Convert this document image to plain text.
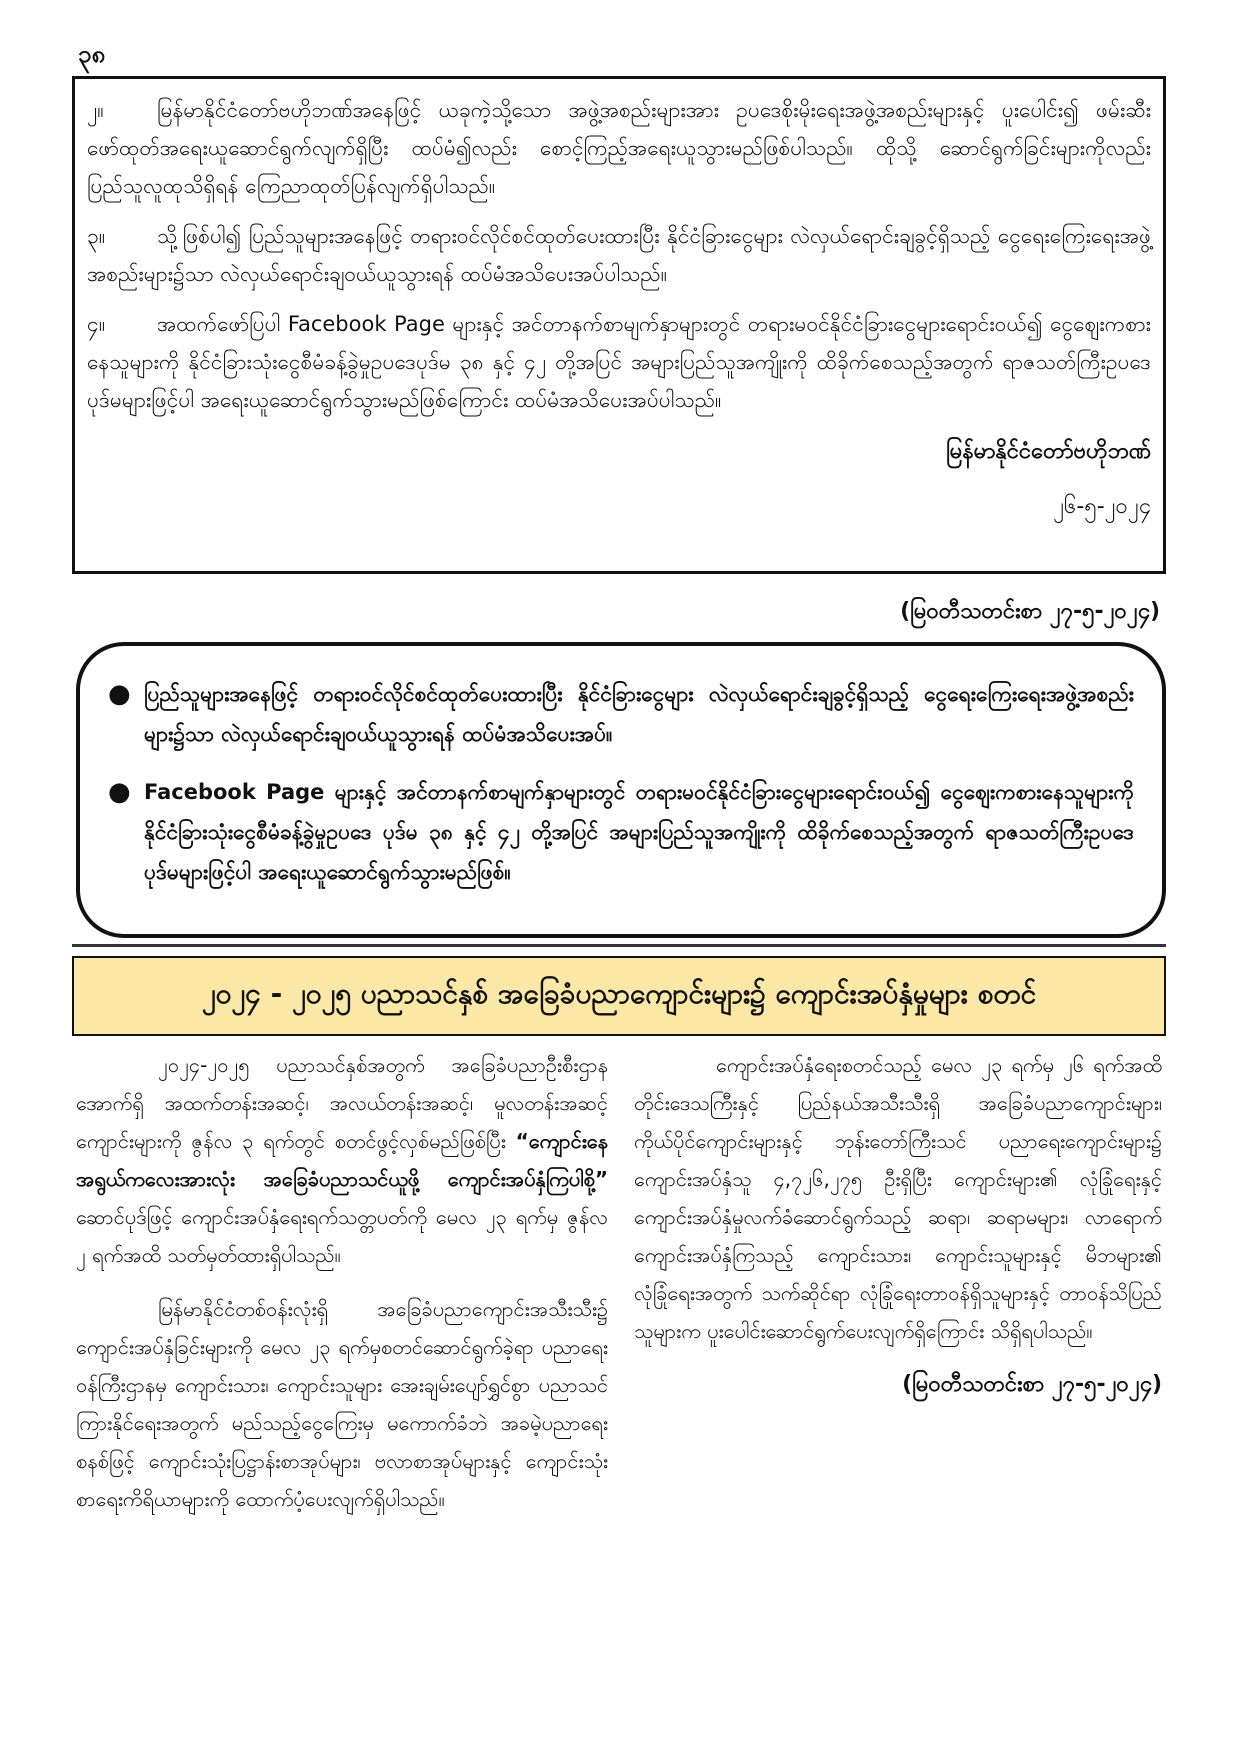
၃၈

၂။	မြန်မာနိုင်ငံတော်ဗဟိုဘဏ်အနေဖြင့် ယခုကဲ့သို့သော အဖွဲ့အစည်းများအား ဥပဒေစိုးမိုးရေးအဖွဲ့အစည်းများနှင့် ပူးပေါင်း၍ ဖမ်းဆီးဖော်ထုတ်အရေးယူဆောင်ရွက်လျက်ရှိပြီး ထပ်မံ၍လည်း စောင့်ကြည့်အရေးယူသွားမည်ဖြစ်ပါသည်။ ထိုသို့ ဆောင်ရွက်ခြင်းများကိုလည်း ပြည်သူလူထုသိရှိရန် ကြေညာထုတ်ပြန်လျက်ရှိပါသည်။

၃။ သို့ဖြစ်ပါ၍ ပြည်သူများအနေဖြင့် တရားဝင်လိုင်စင်ထုတ်ပေးထားပြီး နိုင်ငံခြားငွေများ လဲလှယ်ရောင်းချခွင့်ရှိသည့် ငွေရေးကြေးရေးအဖွဲ့အစည်းများ၌သာ လဲလှယ်ရောင်းချဝယ်ယူသွားရန် ထပ်မံအသိပေးအပ်ပါသည်။

၄။ အထက်ဖော်ပြပါ Facebook Page များနှင့် အင်တာနက်စာမျက်နှာများတွင် တရားမဝင်နိုင်ငံခြားငွေများရောင်းဝယ်၍ ငွေဈေးကစားနေသူများကို နိုင်ငံခြားသုံးငွေစီမံခန့်ခွဲမှုဥပဒေပုဒ်မ ၃၈ နှင့် ၄၂ တို့အပြင် အများပြည်သူအကျိုးကို ထိခိုက်စေသည့်အတွက် ရာဇသတ်ကြီးဥပဒေပုဒ်မများဖြင့်ပါ အရေးယူဆောင်ရွက်သွားမည်ဖြစ်ကြောင်း ထပ်မံအသိပေးအပ်ပါသည်။

မြန်မာနိုင်ငံတော်ဗဟိုဘဏ်
၂၆-၅-၂၀၂၄
(မြဝတီသတင်းစာ ၂၇-၅-၂၀၂၄)
● ပြည်သူများအနေဖြင့် တရားဝင်လိုင်စင်ထုတ်ပေးထားပြီး နိုင်ငံခြားငွေများ လဲလှယ်ရောင်းချခွင့်ရှိသည့် ငွေရေးကြေးရေးအဖွဲ့အစည်းများ၌သာ လဲလှယ်ရောင်းချဝယ်ယူသွားရန် ထပ်မံအသိပေးအပ်။
● Facebook Page များနှင့် အင်တာနက်စာမျက်နှာများတွင် တရားမဝင်နိုင်ငံခြားငွေများရောင်းဝယ်၍ ငွေဈေးကစားနေသူများကို နိုင်ငံခြားသုံးငွေစီမံခန့်ခွဲမှုဥပဒေ ပုဒ်မ ၃၈ နှင့် ၄၂ တို့အပြင် အများပြည်သူအကျိုးကို ထိခိုက်စေသည့်အတွက် ရာဇသတ်ကြီးဥပဒေပုဒ်မများဖြင့်ပါ အရေးယူဆောင်ရွက်သွားမည်ဖြစ်။
၂၀၂၄ - ၂၀၂၅ ပညာသင်နှစ် အခြေခံပညာကျောင်းများ၌ ကျောင်းအပ်နှံမှုများ စတင်

၂၀၂၄-၂၀၂၅ ပညာသင်နှစ်အတွက် အခြေခံပညာဦးစီးဌာနအောက်ရှိ အထက်တန်းအဆင့်၊ အလယ်တန်းအဆင့်၊ မူလတန်းအဆင့်ကျောင်းများကို ဇွန်လ ၃ ရက်တွင် စတင်ဖွင့်လှစ်မည်ဖြစ်ပြီး “ကျောင်းနေအရွယ်ကလေးအားလုံး အခြေခံပညာသင်ယူဖို့ ကျောင်းအပ်နှံကြပါစို့” ဆောင်ပုဒ်ဖြင့် ကျောင်းအပ်နှံရေးရက်သတ္တပတ်ကို မေလ ၂၃ ရက်မှ ဇွန်လ ၂ ရက်အထိ သတ်မှတ်ထားရှိပါသည်။

မြန်မာနိုင်ငံတစ်ဝန်းလုံးရှိ အခြေခံပညာကျောင်းအသီးသီး၌ ကျောင်းအပ်နှံခြင်းများကို မေလ ၂၃ ရက်မှစတင်ဆောင်ရွက်ခဲ့ရာ ပညာရေးဝန်ကြီးဌာနမှ ကျောင်းသား၊ ကျောင်းသူများ အေးချမ်းပျော်ရွှင်စွာ ပညာသင်ကြားနိုင်ရေးအတွက် မည်သည့်ငွေကြေးမှ မကောက်ခံဘဲ အခမဲ့ပညာရေးစနစ်ဖြင့် ကျောင်းသုံးပြဋ္ဌာန်းစာအုပ်များ၊ ဗလာစာအုပ်များနှင့် ကျောင်းသုံးစာရေးကိရိယာများကို ထောက်ပံ့ပေးလျက်ရှိပါသည်။

ကျောင်းအပ်နှံရေးစတင်သည့် မေလ ၂၃ ရက်မှ ၂၆ ရက်အထိ တိုင်းဒေသကြီးနှင့် ပြည်နယ်အသီးသီးရှိ အခြေခံပညာကျောင်းများ၊ ကိုယ်ပိုင်ကျောင်းများနှင့် ဘုန်းတော်ကြီးသင် ပညာရေးကျောင်းများ၌ ကျောင်းအပ်နှံသူ ၄,၇၂၆,၂၇၅ ဦးရှိပြီး ကျောင်းများ၏ လုံခြုံရေးနှင့် ကျောင်းအပ်နှံမှုလက်ခံဆောင်ရွက်သည့် ဆရာ၊ ဆရာမများ၊ လာရောက်ကျောင်းအပ်နှံကြသည့် ကျောင်းသား၊ ကျောင်းသူများနှင့် မိဘများ၏ လုံခြုံရေးအတွက် သက်ဆိုင်ရာ လုံခြုံရေးတာဝန်ရှိသူများနှင့် တာဝန်သိပြည်သူများက ပူးပေါင်းဆောင်ရွက်ပေးလျက်ရှိကြောင်း သိရှိရပါသည်။

(မြဝတီသတင်းစာ ၂၇-၅-၂၀၂၄)
